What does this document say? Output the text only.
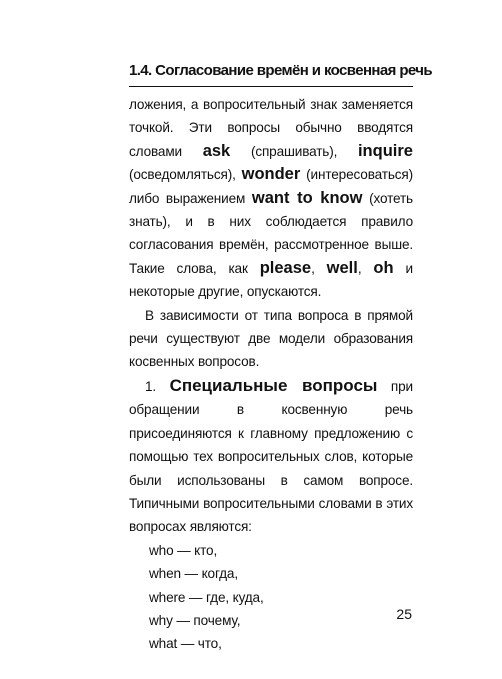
1.4. Согласование времён и косвенная речь

ложения, а вопросительный знак заменяется точкой. Эти вопросы обычно вводятся словами ask (спрашивать), inquire (осведомляться), wonder (интересоваться) либо выражением want to know (хотеть знать), и в них соблюдается правило согласования времён, рассмотренное выше. Такие слова, как please, well, oh и некоторые другие, опускаются.

В зависимости от типа вопроса в прямой речи существуют две модели образования косвенных вопросов.

1. Специальные вопросы при обращении в косвенную речь присоединяются к главному предложению с помощью тех вопросительных слов, которые были использованы в самом вопросе. Типичными вопросительными словами в этих вопросах являются:

who — кто,
when — когда,
where — где, куда,
why — почему,
what — что,
25
